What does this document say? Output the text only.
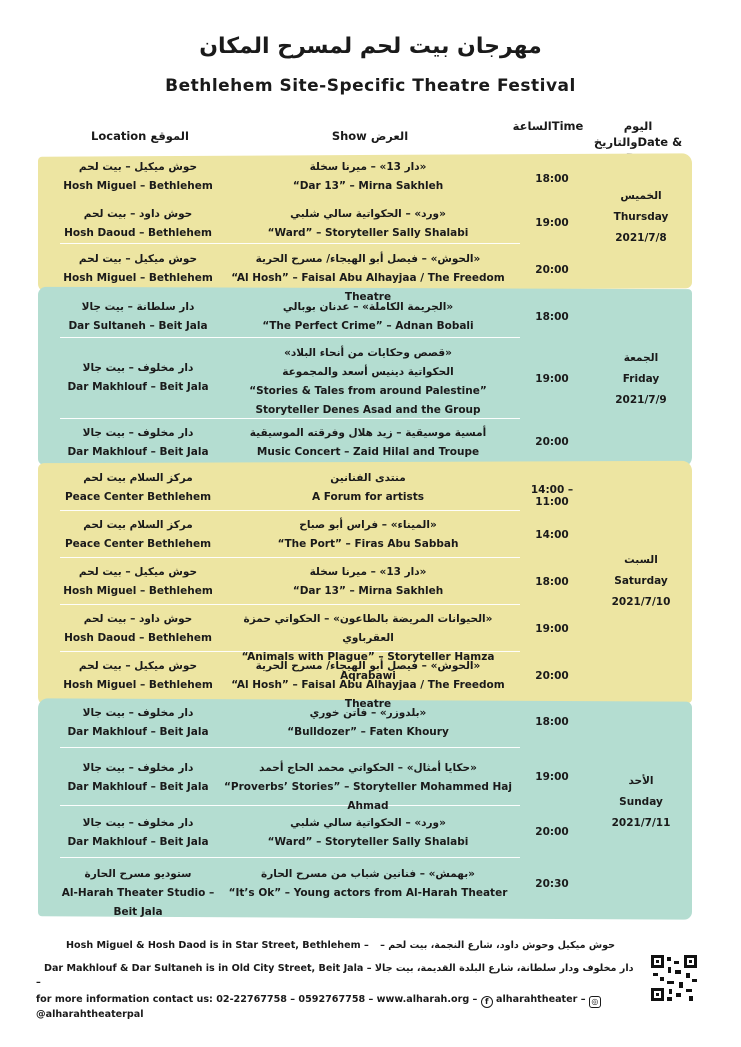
مهرجان بيت لحم لمسرح المكان
Bethlehem Site-Specific Theatre Festival
Location الموقع	Show العرض
الساعةTime	اليوم والتاريخDate &
الخميس
Thursday
2021/7/8
الجمعة
Friday
2021/7/9
السبت
Saturday
2021/7/10
الأحد
Sunday
2021/7/11
حوش ميكيل – بيت لحم
Hosh Miguel – Bethlehem
«دار 13» – ميرنا سخلة
“Dar 13” – Mirna Sakhleh
18:00
حوش داود – بيت لحم
Hosh Daoud – Bethlehem
«ورد» – الحكواتية سالي شلبي
“Ward” – Storyteller Sally Shalabi
19:00
حوش ميكيل – بيت لحم
Hosh Miguel – Bethlehem
«الحوش» – فيصل أبو الهيجاء/ مسرح الحرية
“Al Hosh” – Faisal Abu Alhayjaa / The Freedom Theatre
20:00
دار سلطانة – بيت جالا
Dar Sultaneh – Beit Jala
«الجريمة الكاملة» – عدنان بوبالي
“The Perfect Crime” – Adnan Bobali
18:00
دار مخلوف – بيت جالا
Dar Makhlouf – Beit Jala
«قصص وحكايات من أنحاء البلاد»
الحكواتية دينيس أسعد والمجموعة
“Stories & Tales from around Palestine”
Storyteller Denes Asad and the Group
19:00
دار مخلوف – بيت جالا
Dar Makhlouf – Beit Jala
أمسية موسيقية – زيد هلال وفرقته الموسيقية
Music Concert – Zaid Hilal and Troupe
20:00
مركز السلام بيت لحم
Peace Center Bethlehem
منتدى الفنانين
A Forum for artists
14:00 – 11:00
مركز السلام بيت لحم
Peace Center Bethlehem
«الميناء» – فراس أبو صباح
“The Port” – Firas Abu Sabbah
14:00
حوش ميكيل – بيت لحم
Hosh Miguel – Bethlehem
«دار 13» – ميرنا سخلة
“Dar 13” – Mirna Sakhleh
18:00
حوش داود – بيت لحم
Hosh Daoud – Bethlehem
«الحيوانات المريضة بالطاعون» – الحكواتي حمزة العقرباوي
“Animals with Plague” – Storyteller Hamza Aqrabawi
19:00
حوش ميكيل – بيت لحم
Hosh Miguel – Bethlehem
«الحوش» – فيصل أبو الهيجاء/ مسرح الحرية
“Al Hosh” – Faisal Abu Alhayjaa / The Freedom Theatre
20:00
دار مخلوف – بيت جالا
Dar Makhlouf – Beit Jala
«بلدوزر» – فاتن خوري
“Bulldozer” – Faten Khoury
18:00
دار مخلوف – بيت جالا
Dar Makhlouf – Beit Jala
«حكايا أمثال» – الحكواتي محمد الحاج أحمد
“Proverbs’ Stories” – Storyteller Mohammed Haj Ahmad
19:00
دار مخلوف – بيت جالا
Dar Makhlouf – Beit Jala
«ورد» – الحكواتية سالي شلبي
“Ward” – Storyteller Sally Shalabi
20:00
ستوديو مسرح الحارة
Al-Harah Theater Studio – Beit Jala
«بهمش» – فنانين شباب من مسرح الحارة
“It’s Ok” – Young actors from Al-Harah Theater
20:30
Hosh Miguel & Hosh Daod is in Star Street, Bethlehem – حوش ميكيل وحوش داود، شارع النجمة، بيت لحم –
Dar Makhlouf & Dar Sultaneh is in Old City Street, Beit Jala – دار مخلوف ودار سلطانة، شارع البلدة القديمة، بيت جالا –
for more information contact us: 02-22767758 – 0592767758 – www.alharah.org – f alharahtheater – ◎ @alharahtheaterpal
